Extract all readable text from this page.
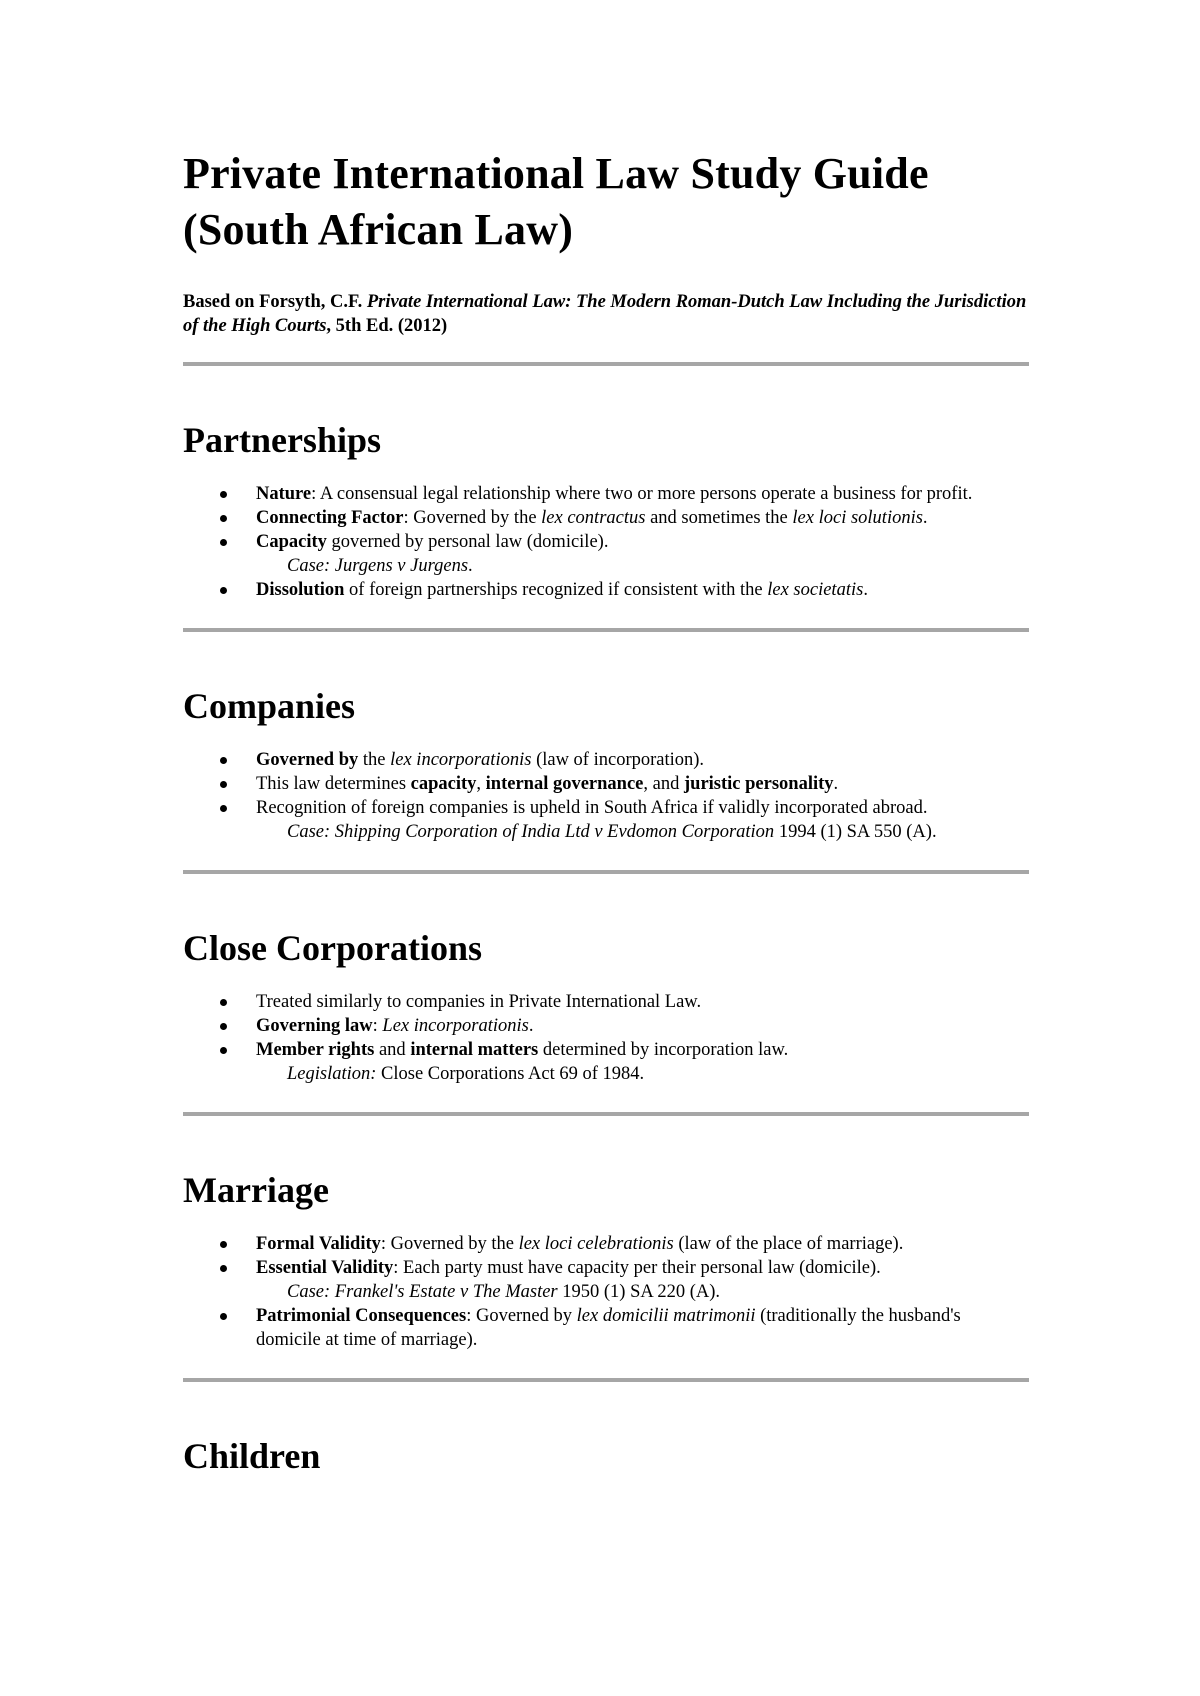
Private International Law Study Guide (South African Law)
Based on Forsyth, C.F. Private International Law: The Modern Roman-Dutch Law Including the Jurisdiction of the High Courts, 5th Ed. (2012)
Partnerships
Nature: A consensual legal relationship where two or more persons operate a business for profit.
Connecting Factor: Governed by the lex contractus and sometimes the lex loci solutionis.
Capacity governed by personal law (domicile).
Case: Jurgens v Jurgens.
Dissolution of foreign partnerships recognized if consistent with the lex societatis.
Companies
Governed by the lex incorporationis (law of incorporation).
This law determines capacity, internal governance, and juristic personality.
Recognition of foreign companies is upheld in South Africa if validly incorporated abroad.
Case: Shipping Corporation of India Ltd v Evdomon Corporation 1994 (1) SA 550 (A).
Close Corporations
Treated similarly to companies in Private International Law.
Governing law: Lex incorporationis.
Member rights and internal matters determined by incorporation law.
Legislation: Close Corporations Act 69 of 1984.
Marriage
Formal Validity: Governed by the lex loci celebrationis (law of the place of marriage).
Essential Validity: Each party must have capacity per their personal law (domicile).
Case: Frankel's Estate v The Master 1950 (1) SA 220 (A).
Patrimonial Consequences: Governed by lex domicilii matrimonii (traditionally the husband's domicile at time of marriage).
Children
